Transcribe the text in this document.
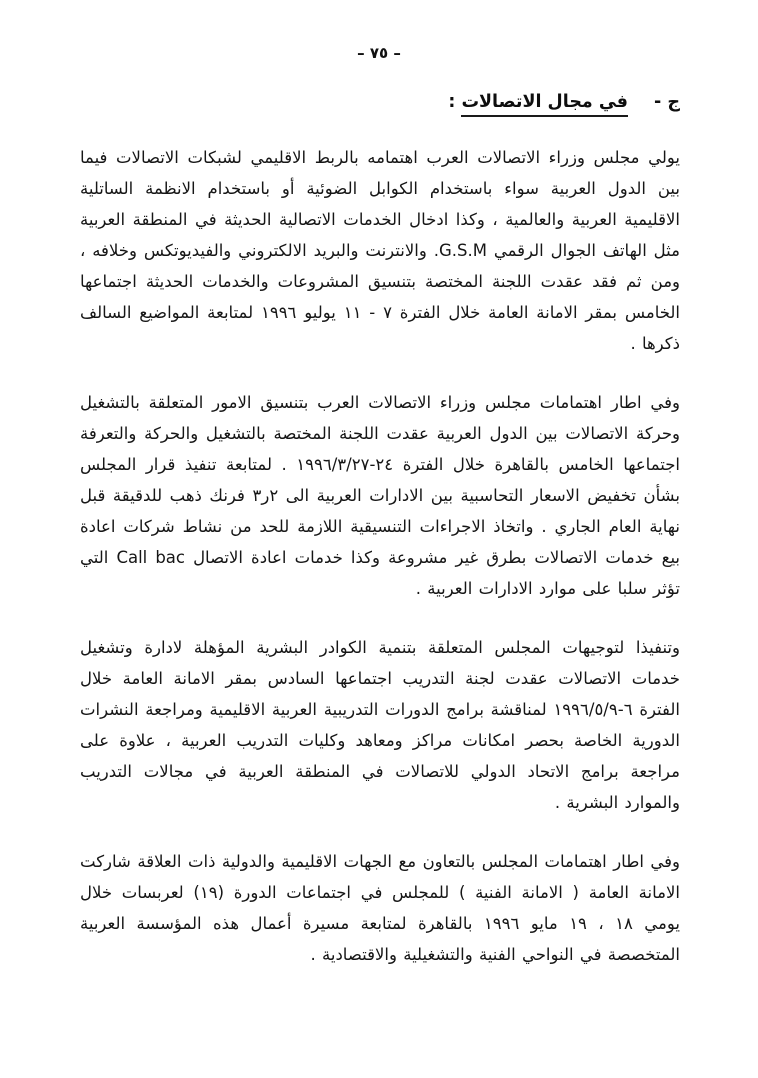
– ٧٥ –
ج -
في مجال الاتصالات :

يولي مجلس وزراء الاتصالات العرب اهتمامه بالربط الاقليمي لشبكات الاتصالات فيما بين الدول العربية سواء باستخدام الكوابل الضوئية أو باستخدام الانظمة الساتلية الاقليمية العربية والعالمية ، وكذا ادخال الخدمات الاتصالية الحديثة في المنطقة العربية مثل الهاتف الجوال الرقمي G.S.M. والانترنت والبريد الالكتروني والفيديوتكس وخلافه ، ومن ثم فقد عقدت اللجنة المختصة بتنسيق المشروعات والخدمات الحديثة اجتماعها الخامس بمقر الامانة العامة خلال الفترة ٧ - ١١ يوليو ١٩٩٦ لمتابعة المواضيع السالف ذكرها .

وفي اطار اهتمامات مجلس وزراء الاتصالات العرب بتنسيق الامور المتعلقة بالتشغيل وحركة الاتصالات بين الدول العربية عقدت اللجنة المختصة بالتشغيل والحركة والتعرفة اجتماعها الخامس بالقاهرة خلال الفترة ٢٤-١٩٩٦/٣/٢٧ . لمتابعة تنفيذ قرار المجلس بشأن تخفيض الاسعار التحاسبية بين الادارات العربية الى ٢ر٣ فرنك ذهب للدقيقة قبل نهاية العام الجاري . واتخاذ الاجراءات التنسيقية اللازمة للحد من نشاط شركات اعادة بيع خدمات الاتصالات بطرق غير مشروعة وكذا خدمات اعادة الاتصال Call bac التي تؤثر سلبا على موارد الادارات العربية .

وتنفيذا لتوجيهات المجلس المتعلقة بتنمية الكوادر البشرية المؤهلة لادارة وتشغيل خدمات الاتصالات عقدت لجنة التدريب اجتماعها السادس بمقر الامانة العامة خلال الفترة ٦-١٩٩٦/٥/٩ لمناقشة برامج الدورات التدريبية العربية الاقليمية ومراجعة النشرات الدورية الخاصة بحصر امكانات مراكز ومعاهد وكليات التدريب العربية ، علاوة على مراجعة برامج الاتحاد الدولي للاتصالات في المنطقة العربية في مجالات التدريب والموارد البشرية .

وفي اطار اهتمامات المجلس بالتعاون مع الجهات الاقليمية والدولية ذات العلاقة شاركت الامانة العامة ( الامانة الفنية ) للمجلس في اجتماعات الدورة (١٩) لعربسات خلال يومي ١٨ ، ١٩ مايو ١٩٩٦ بالقاهرة لمتابعة مسيرة أعمال هذه المؤسسة العربية المتخصصة في النواحي الفنية والتشغيلية والاقتصادية .
